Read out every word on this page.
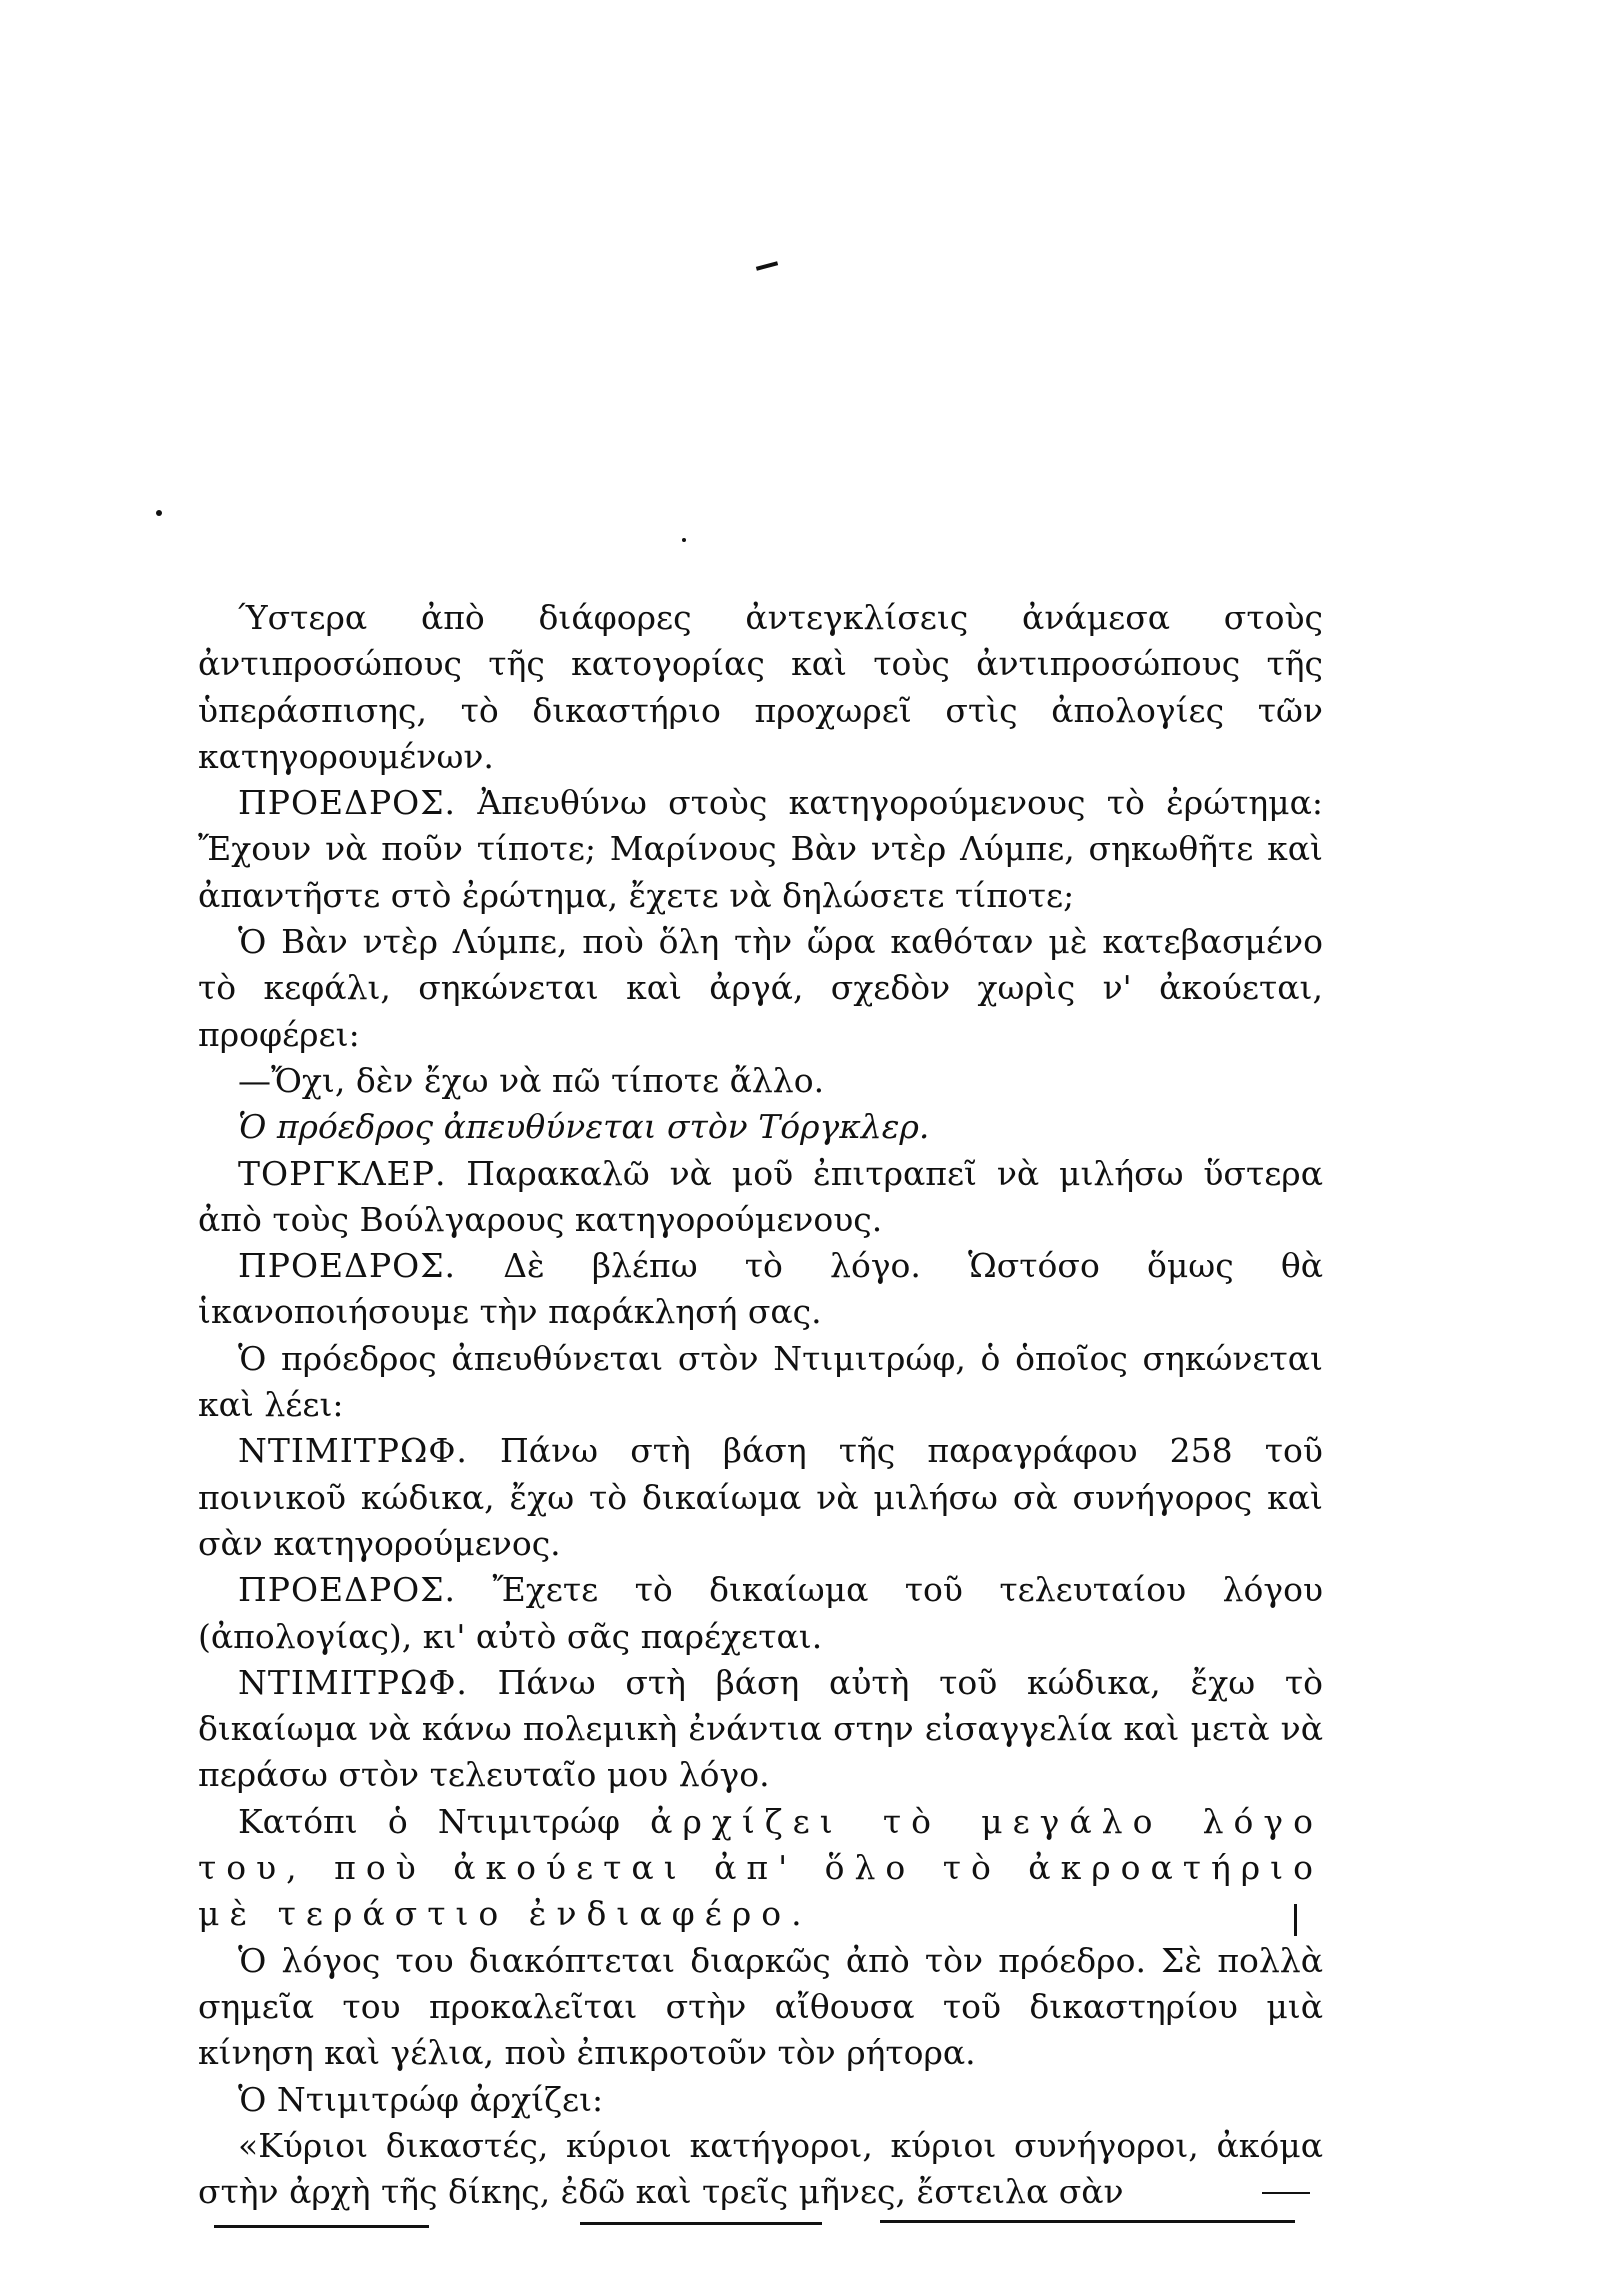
Ύστερα ἀπὸ διάφορες ἀντεγκλίσεις ἀνάμεσα στοὺς ἀντιπροσώπους τῆς κατογορίας καὶ τοὺς ἀντιπροσώπους τῆς ὑπεράσπισης, τὸ δικαστήριο προχωρεῖ στὶς ἀπολογίες τῶν κατηγορουμένων.

ΠΡΟΕΔΡΟΣ. Ἀπευθύνω στοὺς κατηγορούμενους τὸ ἐρώτημα: Ἔχουν νὰ ποῦν τίποτε; Μαρίνους Βὰν ντὲρ Λύμπε, σηκωθῆτε καὶ ἀπαντῆστε στὸ ἐρώτημα, ἔχετε νὰ δηλώσετε τίποτε;

Ὁ Βὰν ντὲρ Λύμπε, ποὺ ὅλη τὴν ὥρα καθόταν μὲ κατεβασμένο τὸ κεφάλι, σηκώνεται καὶ ἀργά, σχεδὸν χωρὶς ν' ἀκούεται, προφέρει:

—Ὄχι, δὲν ἔχω νὰ πῶ τίποτε ἄλλο.

Ὁ πρόεδρος ἀπευθύνεται στὸν Τόργκλερ.

ΤΟΡΓΚΛΕΡ. Παρακαλῶ νὰ μοῦ ἐπιτραπεῖ νὰ μιλήσω ὕστερα ἀπὸ τοὺς Βούλγαρους κατηγορούμενους.

ΠΡΟΕΔΡΟΣ. Δὲ βλέπω τὸ λόγο. Ὡστόσο ὅμως θὰ ἱκανοποιήσουμε τὴν παράκλησή σας.

Ὁ πρόεδρος ἀπευθύνεται στὸν Ντιμιτρώφ, ὁ ὁποῖος σηκώνεται καὶ λέει:

ΝΤΙΜΙΤΡΩΦ. Πάνω στὴ βάση τῆς παραγράφου 258 τοῦ ποινικοῦ κώδικα, ἔχω τὸ δικαίωμα νὰ μιλήσω σὰ συνήγορος καὶ σὰν κατηγορούμενος.

ΠΡΟΕΔΡΟΣ. Ἔχετε τὸ δικαίωμα τοῦ τελευταίου λόγου (ἀπολογίας), κι' αὐτὸ σᾶς παρέχεται.

ΝΤΙΜΙΤΡΩΦ. Πάνω στὴ βάση αὐτὴ τοῦ κώδικα, ἔχω τὸ δικαίωμα νὰ κάνω πολεμικὴ ἐνάντια στην εἰσαγγελία καὶ μετὰ νὰ περάσω στὸν τελευταῖο μου λόγο.

Κατόπι ὁ Ντιμιτρώφ ἀρχίζει τὸ μεγάλο λόγο του, ποὺ ἀκούεται ἀπ' ὅλο τὸ ἀκροατήριο μὲ τεράστιο ἐνδιαφέρο.

Ὁ λόγος του διακόπτεται διαρκῶς ἀπὸ τὸν πρόεδρο. Σὲ πολλὰ σημεῖα του προκαλεῖται στὴν αἴθουσα τοῦ δικαστηρίου μιὰ κίνηση καὶ γέλια, ποὺ ἐπικροτοῦν τὸν ρήτορα.

Ὁ Ντιμιτρώφ ἀρχίζει:

«Κύριοι δικαστές, κύριοι κατήγοροι, κύριοι συνήγοροι, ἀκόμα στὴν ἀρχὴ τῆς δίκης, ἐδῶ καὶ τρεῖς μῆνες, ἔστειλα σὰν
